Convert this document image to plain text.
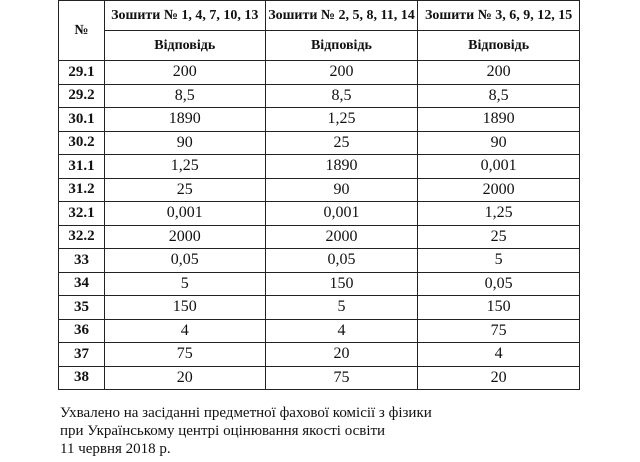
№	Зошити № 1, 4, 7, 10, 13	Зошити № 2, 5, 8, 11, 14	Зошити № 3, 6, 9, 12, 15
	Відповідь	Відповідь	Відповідь
29.1	200	200	200
29.2	8,5	8,5	8,5
30.1	1890	1,25	1890
30.2	90	25	90
31.1	1,25	1890	0,001
31.2	25	90	2000
32.1	0,001	0,001	1,25
32.2	2000	2000	25
33	0,05	0,05	5
34	5	150	0,05
35	150	5	150
36	4	4	75
37	75	20	4
38	20	75	20
Ухвалено на засіданні предметної фахової комісії з фізики
при Українському центрі оцінювання якості освіти
11 червня 2018 р.
